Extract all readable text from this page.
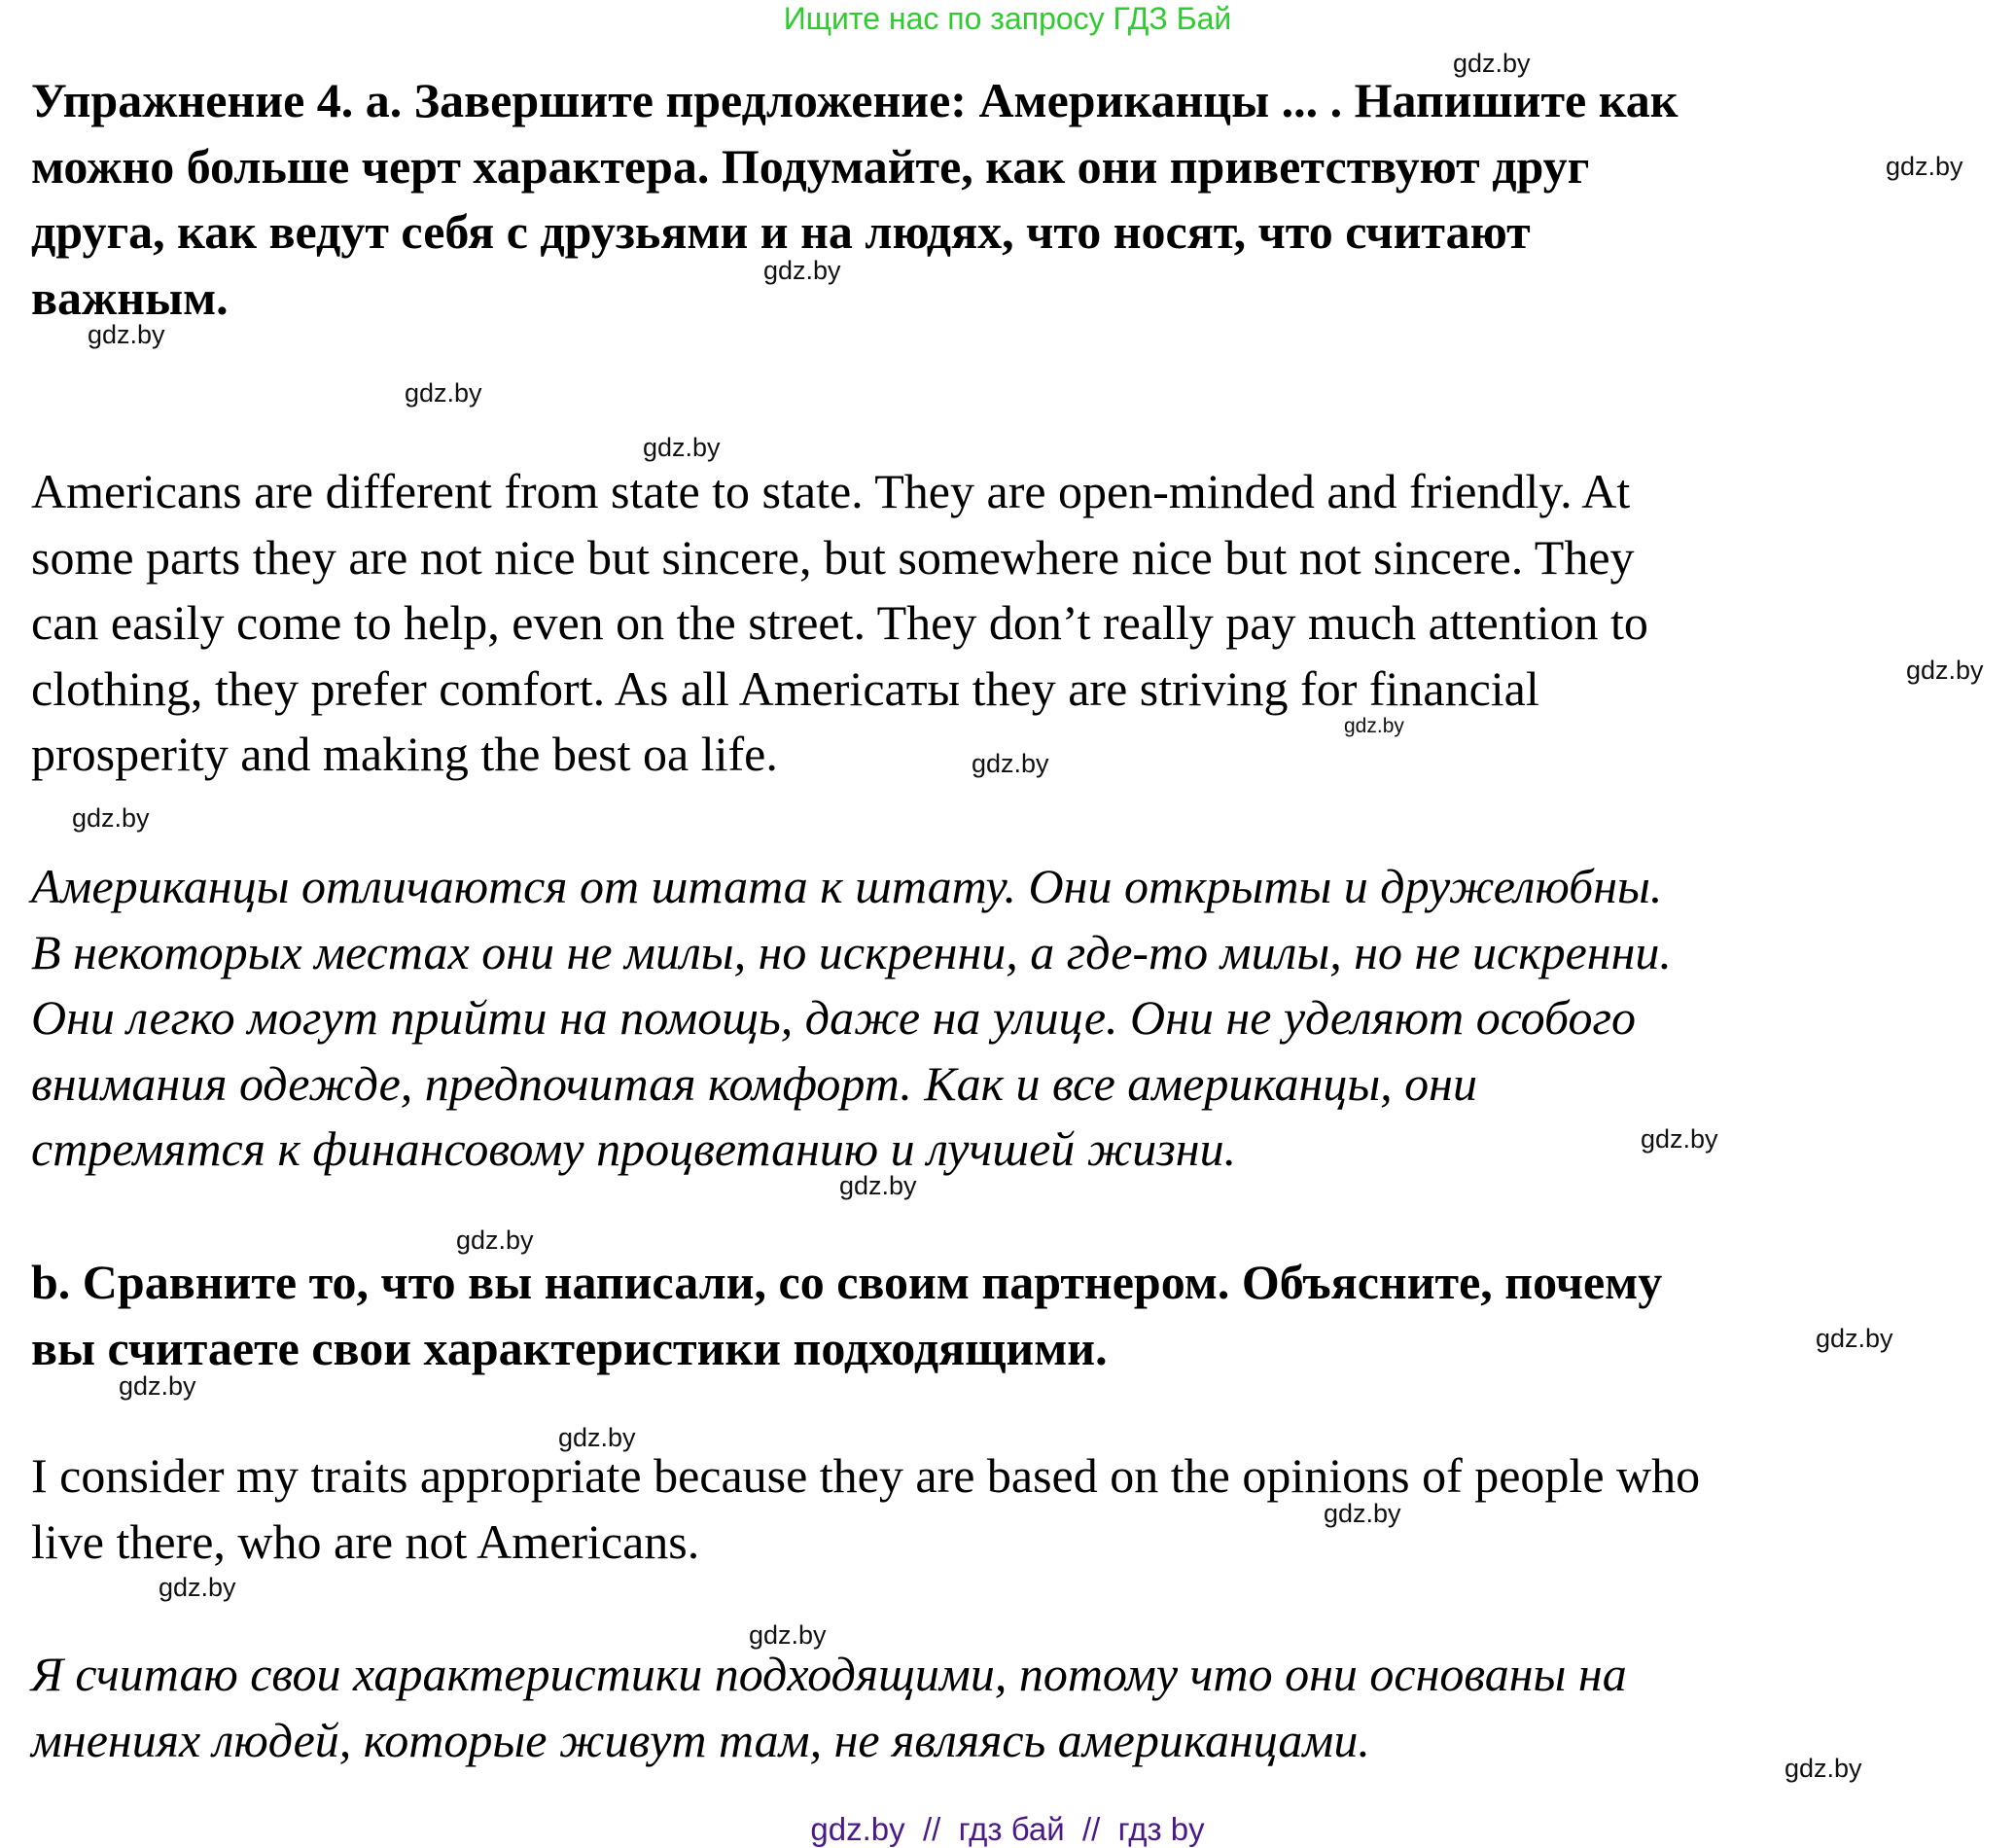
Ищите нас по запросу ГДЗ Бай
Упражнение 4. a. Завершите предложение: Американцы ... . Напишите как
можно больше черт характера. Подумайте, как они приветствуют друг
друга, как ведут себя с друзьями и на людях, что носят, что считают
важным.
Americans are different from state to state. They are open-minded and friendly. At
some parts they are not nice but sincere, but somewhere nice but not sincere. They
can easily come to help, even on the street. They don’t really pay much attention to
clothing, they prefer comfort. As all Americaты they are striving for financial
prosperity and making the best oa life.
Американцы отличаются от штата к штату. Они открыты и дружелюбны.
В некоторых местах они не милы, но искренни, а где-то милы, но не искренни.
Они легко могут прийти на помощь, даже на улице. Они не уделяют особого
внимания одежде, предпочитая комфорт. Как и все американцы, они
стремятся к финансовому процветанию и лучшей жизни.
b. Сравните то, что вы написали, со своим партнером. Объясните, почему
вы считаете свои характеристики подходящими.
I consider my traits appropriate because they are based on the opinions of people who
live there, who are not Americans.
Я считаю свои характеристики подходящими, потому что они основаны на
мнениях людей, которые живут там, не являясь американцами.
gdz.by
gdz.by
gdz.by
gdz.by
gdz.by
gdz.by
gdz.by
gdz.by
gdz.by
gdz.by
gdz.by
gdz.by
gdz.by
gdz.by
gdz.by
gdz.by
gdz.by
gdz.by
gdz.by
gdz.by
gdz.by  //  гдз бай  //  гдз by
